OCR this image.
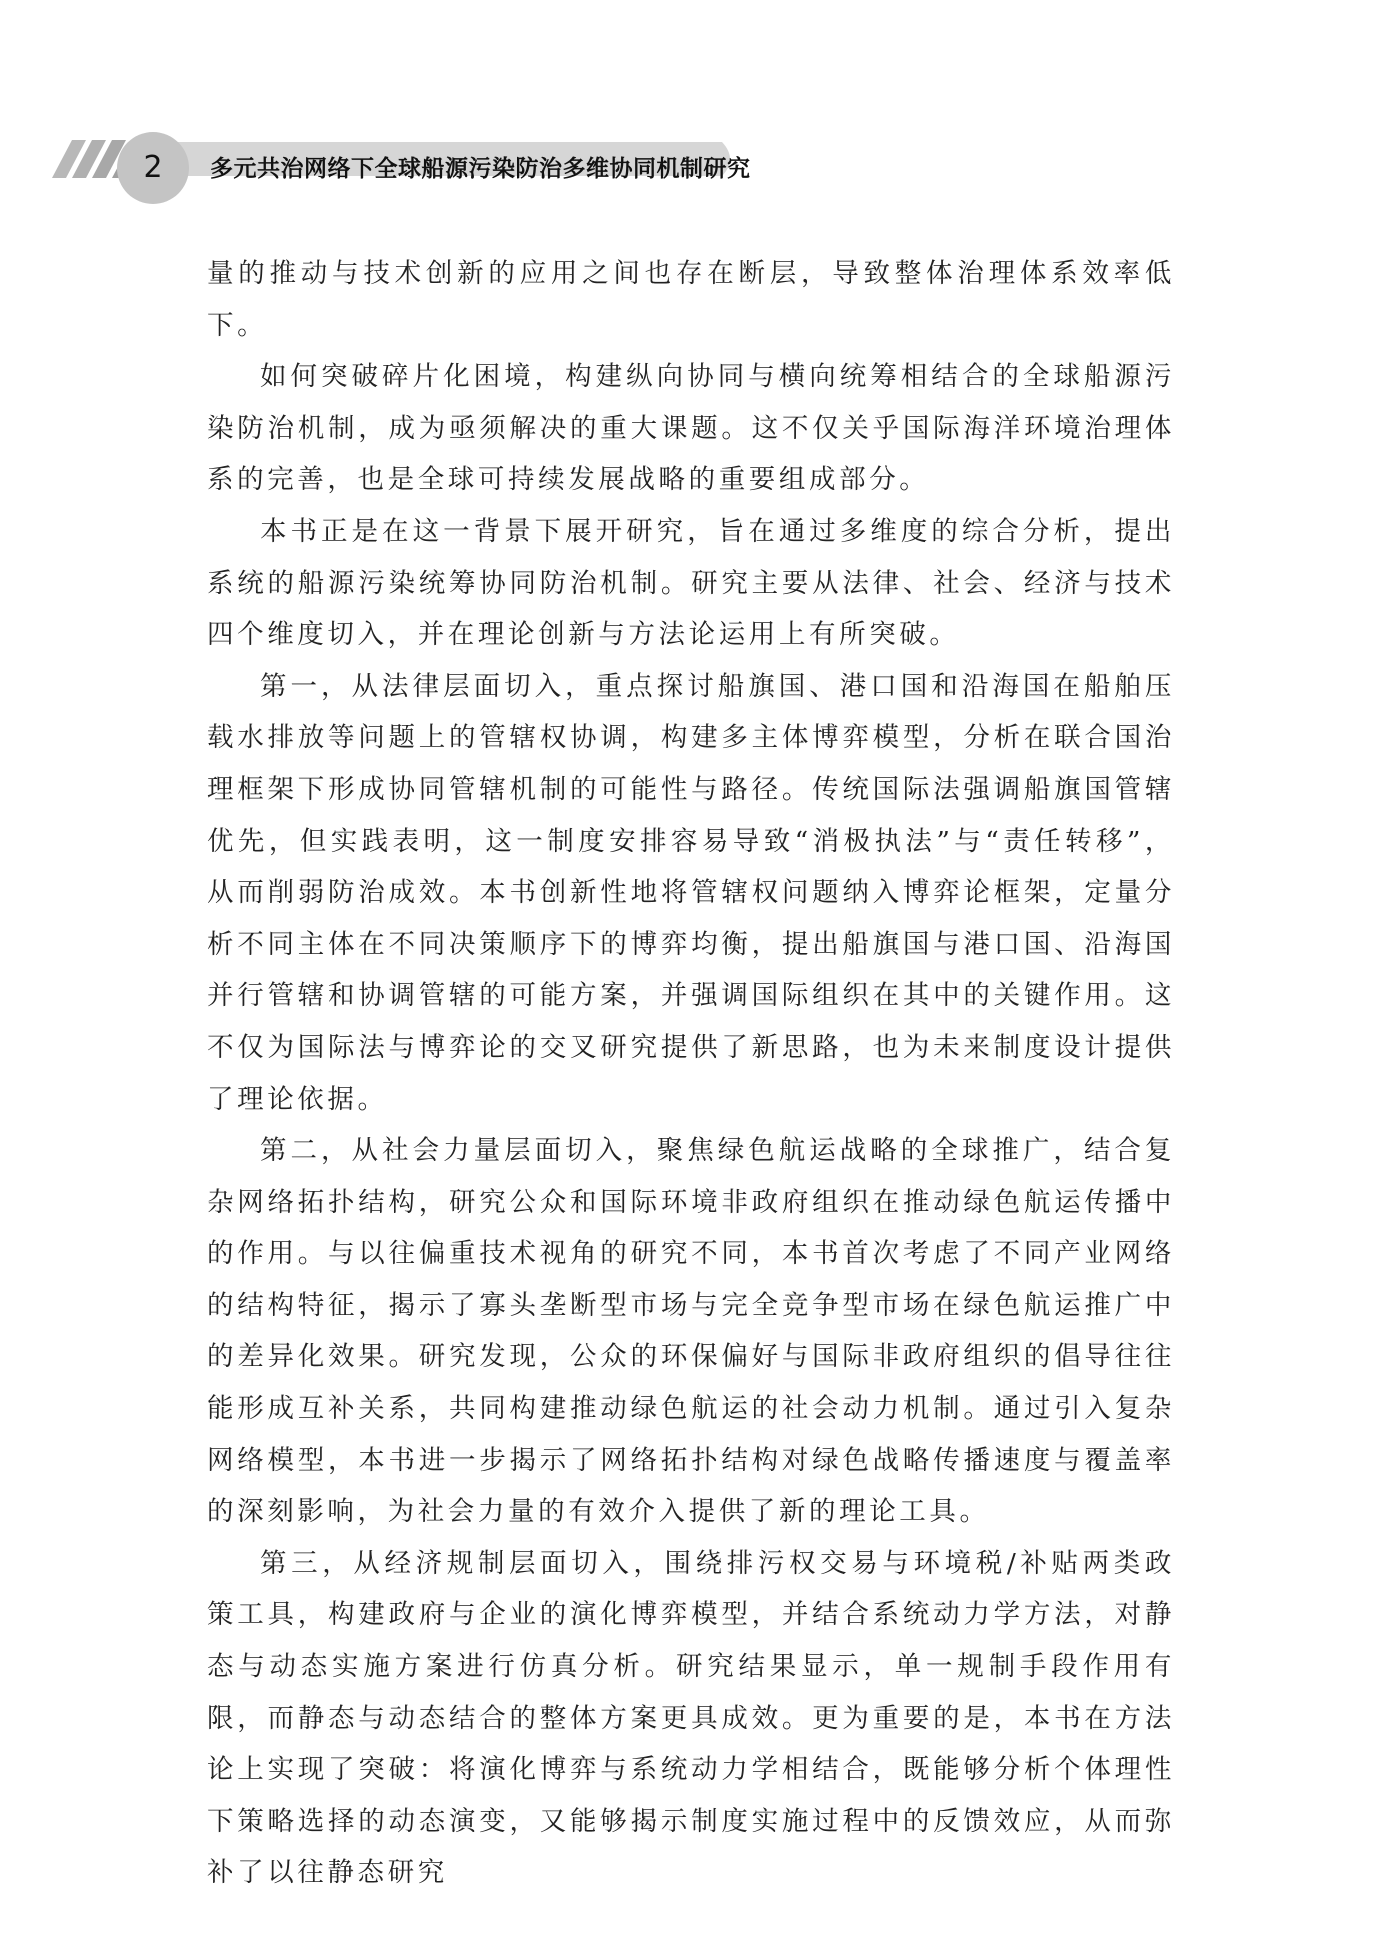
2	多元共治网络下全球船源污染防治多维协同机制研究

量的推动与技术创新的应用之间也存在断层，导致整体治理体系效率低下。

如何突破碎片化困境，构建纵向协同与横向统筹相结合的全球船源污染防治机制，成为亟须解决的重大课题。这不仅关乎国际海洋环境治理体系的完善，也是全球可持续发展战略的重要组成部分。

本书正是在这一背景下展开研究，旨在通过多维度的综合分析，提出系统的船源污染统筹协同防治机制。研究主要从法律、社会、经济与技术四个维度切入，并在理论创新与方法论运用上有所突破。

第一，从法律层面切入，重点探讨船旗国、港口国和沿海国在船舶压载水排放等问题上的管辖权协调，构建多主体博弈模型，分析在联合国治理框架下形成协同管辖机制的可能性与路径。传统国际法强调船旗国管辖优先，但实践表明，这一制度安排容易导致“消极执法”与“责任转移”，从而削弱防治成效。本书创新性地将管辖权问题纳入博弈论框架，定量分析不同主体在不同决策顺序下的博弈均衡，提出船旗国与港口国、沿海国并行管辖和协调管辖的可能方案，并强调国际组织在其中的关键作用。这不仅为国际法与博弈论的交叉研究提供了新思路，也为未来制度设计提供了理论依据。

第二，从社会力量层面切入，聚焦绿色航运战略的全球推广，结合复杂网络拓扑结构，研究公众和国际环境非政府组织在推动绿色航运传播中的作用。与以往偏重技术视角的研究不同，本书首次考虑了不同产业网络的结构特征，揭示了寡头垄断型市场与完全竞争型市场在绿色航运推广中的差异化效果。研究发现，公众的环保偏好与国际非政府组织的倡导往往能形成互补关系，共同构建推动绿色航运的社会动力机制。通过引入复杂网络模型，本书进一步揭示了网络拓扑结构对绿色战略传播速度与覆盖率的深刻影响，为社会力量的有效介入提供了新的理论工具。

第三，从经济规制层面切入，围绕排污权交易与环境税/补贴两类政策工具，构建政府与企业的演化博弈模型，并结合系统动力学方法，对静态与动态实施方案进行仿真分析。研究结果显示，单一规制手段作用有限，而静态与动态结合的整体方案更具成效。更为重要的是，本书在方法论上实现了突破：将演化博弈与系统动力学相结合，既能够分析个体理性下策略选择的动态演变，又能够揭示制度实施过程中的反馈效应，从而弥补了以往静态研究
